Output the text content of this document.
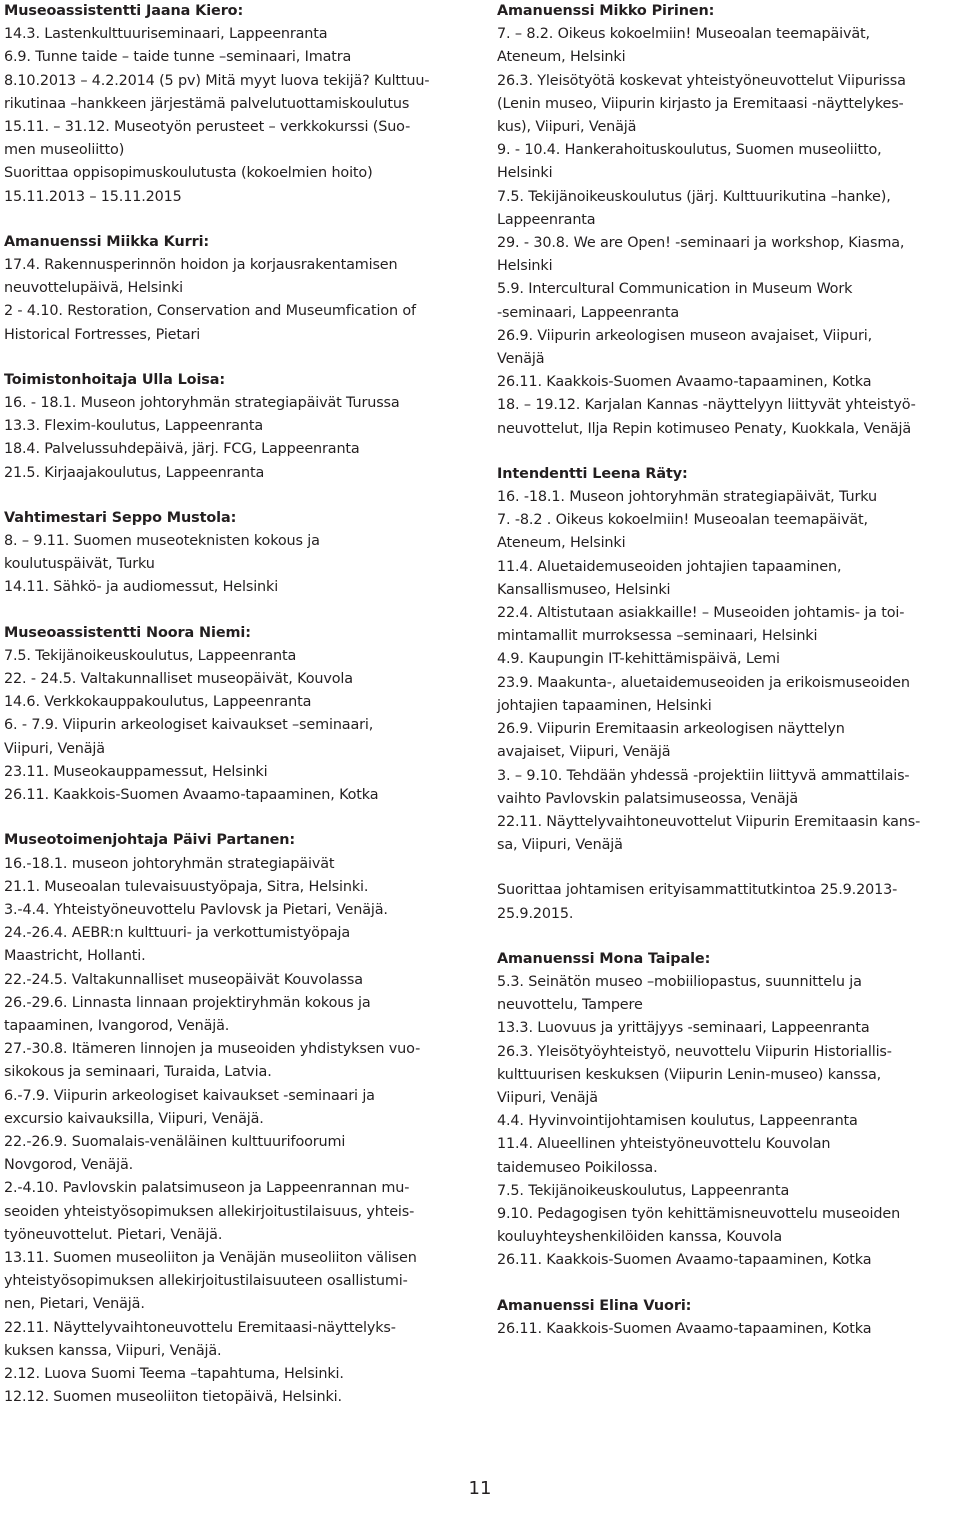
Museoassistentti Jaana Kiero:
14.3. Lastenkulttuuriseminaari, Lappeenranta
6.9. Tunne taide – taide tunne –seminaari, Imatra
8.10.2013 – 4.2.2014 (5 pv) Mitä myyt luova tekijä? Kulttuu-
rikutinaa –hankkeen järjestämä palvelutuottamiskoulutus
15.11. – 31.12. Museotyön perusteet – verkkokurssi (Suo-
men museoliitto)
Suorittaa oppisopimuskoulutusta (kokoelmien hoito)
15.11.2013 – 15.11.2015
Amanuenssi Miikka Kurri:
17.4. Rakennusperinnön hoidon ja korjausrakentamisen
neuvottelupäivä, Helsinki
2 - 4.10. Restoration, Conservation and Museumfication of
Historical Fortresses, Pietari
Toimistonhoitaja Ulla Loisa:
16. - 18.1. Museon johtoryhmän strategiapäivät Turussa
13.3. Flexim-koulutus, Lappeenranta
18.4. Palvelussuhdepäivä, järj. FCG, Lappeenranta
21.5. Kirjaajakoulutus, Lappeenranta
Vahtimestari Seppo Mustola:
8. – 9.11. Suomen museoteknisten kokous ja
koulutuspäivät, Turku
14.11. Sähkö- ja audiomessut, Helsinki
Museoassistentti Noora Niemi:
7.5. Tekijänoikeuskoulutus, Lappeenranta
22. - 24.5. Valtakunnalliset museopäivät, Kouvola
14.6. Verkkokauppakoulutus, Lappeenranta
6. - 7.9. Viipurin arkeologiset kaivaukset –seminaari,
Viipuri, Venäjä
23.11. Museokauppamessut, Helsinki
26.11. Kaakkois-Suomen Avaamo-tapaaminen, Kotka
Museotoimenjohtaja Päivi Partanen:
16.-18.1. museon johtoryhmän strategiapäivät
21.1. Museoalan tulevaisuustyöpaja, Sitra, Helsinki.
3.-4.4. Yhteistyöneuvottelu Pavlovsk ja Pietari, Venäjä.
24.-26.4. AEBR:n kulttuuri- ja verkottumistyöpaja
Maastricht, Hollanti.
22.-24.5. Valtakunnalliset museopäivät Kouvolassa
26.-29.6. Linnasta linnaan projektiryhmän kokous ja
tapaaminen, Ivangorod, Venäjä.
27.-30.8. Itämeren linnojen ja museoiden yhdistyksen vuo-
sikokous ja seminaari, Turaida, Latvia.
6.-7.9. Viipurin arkeologiset kaivaukset -seminaari ja
excursio kaivauksilla, Viipuri, Venäjä.
22.-26.9. Suomalais-venäläinen kulttuurifoorumi
Novgorod, Venäjä.
2.-4.10. Pavlovskin palatsimuseon ja Lappeenrannan mu-
seoiden yhteistyösopimuksen allekirjoitustilaisuus, yhteis-
työneuvottelut. Pietari, Venäjä.
13.11. Suomen museoliiton ja Venäjän museoliiton välisen
yhteistyösopimuksen allekirjoitustilaisuuteen osallistumi-
nen, Pietari, Venäjä.
22.11. Näyttelyvaihtoneuvottelu Eremitaasi-näyttelyks-
kuksen kanssa, Viipuri, Venäjä.
2.12. Luova Suomi Teema –tapahtuma, Helsinki.
12.12. Suomen museoliiton tietopäivä, Helsinki.
Amanuenssi Mikko Pirinen:
7. – 8.2. Oikeus kokoelmiin! Museoalan teemapäivät,
Ateneum, Helsinki
26.3. Yleisötyötä koskevat yhteistyöneuvottelut Viipurissa
(Lenin museo, Viipurin kirjasto ja Eremitaasi -näyttelykes-
kus), Viipuri, Venäjä
9. - 10.4. Hankerahoituskoulutus, Suomen museoliitto,
Helsinki
7.5. Tekijänoikeuskoulutus (järj. Kulttuurikutina –hanke),
Lappeenranta
29. - 30.8. We are Open! -seminaari ja workshop, Kiasma,
Helsinki
5.9. Intercultural Communication in Museum Work
-seminaari, Lappeenranta
26.9. Viipurin arkeologisen museon avajaiset, Viipuri,
Venäjä
26.11. Kaakkois-Suomen Avaamo-tapaaminen, Kotka
18. – 19.12. Karjalan Kannas -näyttelyyn liittyvät yhteistyö-
neuvottelut, Ilja Repin kotimuseo Penaty, Kuokkala, Venäjä
Intendentti Leena Räty:
16. -18.1. Museon johtoryhmän strategiapäivät, Turku
7. -8.2 . Oikeus kokoelmiin! Museoalan teemapäivät,
Ateneum, Helsinki
11.4. Aluetaidemuseoiden johtajien tapaaminen,
Kansallismuseo, Helsinki
22.4. Altistutaan asiakkaille! – Museoiden johtamis- ja toi-
mintamallit murroksessa –seminaari, Helsinki
4.9. Kaupungin IT-kehittämispäivä, Lemi
23.9. Maakunta-, aluetaidemuseoiden ja erikoismuseoiden
johtajien tapaaminen, Helsinki
26.9. Viipurin Eremitaasin arkeologisen näyttelyn
avajaiset, Viipuri, Venäjä
3. – 9.10. Tehdään yhdessä -projektiin liittyvä ammattilais-
vaihto Pavlovskin palatsimuseossa, Venäjä
22.11. Näyttelyvaihtoneuvottelut Viipurin Eremitaasin kans-
sa, Viipuri, Venäjä
Suorittaa johtamisen erityisammattitutkintoa 25.9.2013-
25.9.2015.
Amanuenssi Mona Taipale:
5.3. Seinätön museo –mobiiliopastus, suunnittelu ja
neuvottelu, Tampere
13.3. Luovuus ja yrittäjyys -seminaari, Lappeenranta
26.3. Yleisötyöyhteistyö, neuvottelu Viipurin Historiallis-
kulttuurisen keskuksen (Viipurin Lenin-museo) kanssa,
Viipuri, Venäjä
4.4. Hyvinvointijohtamisen koulutus, Lappeenranta
11.4. Alueellinen yhteistyöneuvottelu Kouvolan
taidemuseo Poikilossa.
7.5. Tekijänoikeuskoulutus, Lappeenranta
9.10. Pedagogisen työn kehittämisneuvottelu museoiden
kouluyhteyshenkilöiden kanssa, Kouvola
26.11. Kaakkois-Suomen Avaamo-tapaaminen, Kotka
Amanuenssi Elina Vuori:
26.11. Kaakkois-Suomen Avaamo-tapaaminen, Kotka
11
